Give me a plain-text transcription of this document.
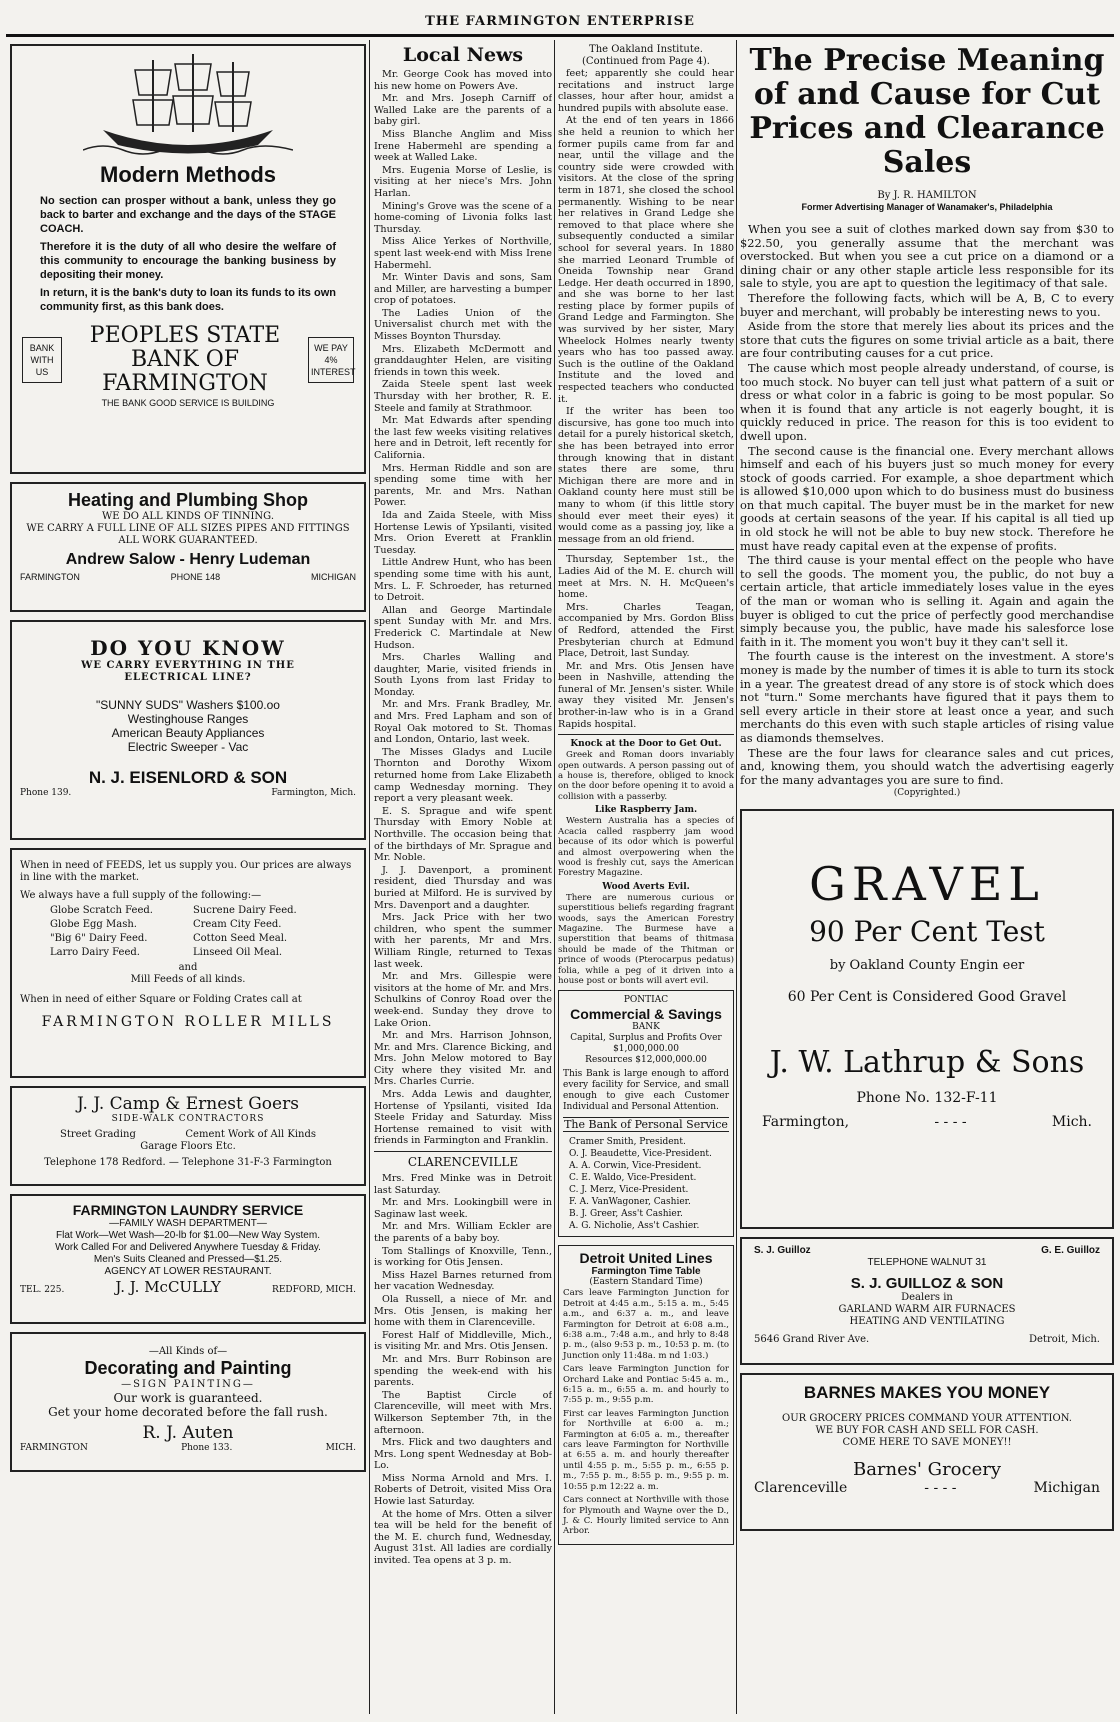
THE FARMINGTON ENTERPRISE
Modern Methods
No section can prosper without a bank, unless they go back to barter and exchange and the days of the STAGE COACH.
Therefore it is the duty of all who desire the welfare of this community to encourage the banking business by depositing their money.
In return, it is the bank's duty to loan its funds to its own community first, as this bank does.
BANK WITH US
PEOPLES STATE
BANK OF
FARMINGTON
WE PAY 4% INTEREST
THE BANK GOOD SERVICE IS BUILDING
Heating and Plumbing Shop
WE DO ALL KINDS OF TINNING.
WE CARRY A FULL LINE OF ALL SIZES PIPES AND FITTINGS
ALL WORK GUARANTEED.
Andrew Salow - Henry Ludeman
FARMINGTON	PHONE 148	MICHIGAN
DO YOU KNOW
WE CARRY EVERYTHING IN THE ELECTRICAL LINE?
"SUNNY SUDS" Washers $100.oo
Westinghouse Ranges
American Beauty Appliances
Electric Sweeper - Vac
N. J. EISENLORD & SON
Phone 139.	Farmington, Mich.
When in need of FEEDS, let us supply you. Our prices are always in line with the market.
We always have a full supply of the following:—
Globe Scratch Feed.	Sucrene Dairy Feed.
Globe Egg Mash.	Cream City Feed.
"Big 6" Dairy Feed.	Cotton Seed Meal.
Larro Dairy Feed.	Linseed Oil Meal.
and
Mill Feeds of all kinds.
When in need of either Square or Folding Crates call at
FARMINGTON ROLLER MILLS
J. J. Camp & Ernest Goers
SIDE-WALK CONTRACTORS
Street Grading	Cement Work of All Kinds
Garage Floors Etc.
Telephone 178 Redford. — Telephone 31-F-3 Farmington
FARMINGTON LAUNDRY SERVICE
—FAMILY WASH DEPARTMENT—
Flat Work—Wet Wash—20-lb for $1.00—New Way System.
Work Called For and Delivered Anywhere Tuesday & Friday.
Men's Suits Cleaned and Pressed—$1.25.
AGENCY AT LOWER RESTAURANT.
TEL. 225.	J. J. McCULLY	REDFORD, MICH.
—All Kinds of—
Decorating and Painting
—SIGN PAINTING—
Our work is guaranteed.
Get your home decorated before the fall rush.
R. J. Auten
FARMINGTON	Phone 133.	MICH.
Local News
Mr. George Cook has moved into his new home on Powers Ave.
Mr. and Mrs. Joseph Carniff of Walled Lake are the parents of a baby girl.
Miss Blanche Anglim and Miss Irene Habermehl are spending a week at Walled Lake.
Mrs. Eugenia Morse of Leslie, is visiting at her niece's Mrs. John Harlan.
Mining's Grove was the scene of a home-coming of Livonia folks last Thursday.
Miss Alice Yerkes of Northville, spent last week-end with Miss Irene Habermehl.
Mr. Winter Davis and sons, Sam and Miller, are harvesting a bumper crop of potatoes.
The Ladies Union of the Universalist church met with the Misses Boynton Thursday.
Mrs. Elizabeth McDermott and granddaughter Helen, are visiting friends in town this week.
Zaida Steele spent last week Thursday with her brother, R. E. Steele and family at Strathmoor.
Mr. Mat Edwards after spending the last few weeks visiting relatives here and in Detroit, left recently for California.
Mrs. Herman Riddle and son are spending some time with her parents, Mr. and Mrs. Nathan Power.
Ida and Zaida Steele, with Miss Hortense Lewis of Ypsilanti, visited Mrs. Orion Everett at Franklin Tuesday.
Little Andrew Hunt, who has been spending some time with his aunt, Mrs. L. F. Schroeder, has returned to Detroit.
Allan and George Martindale spent Sunday with Mr. and Mrs. Frederick C. Martindale at New Hudson.
Mrs. Charles Walling and daughter, Marie, visited friends in South Lyons from last Friday to Monday.
Mr. and Mrs. Frank Bradley, Mr. and Mrs. Fred Lapham and son of Royal Oak motored to St. Thomas and London, Ontario, last week.
The Misses Gladys and Lucile Thornton and Dorothy Wixom returned home from Lake Elizabeth camp Wednesday morning. They report a very pleasant week.
E. S. Sprague and wife spent Thursday with Emory Noble at Northville. The occasion being that of the birthdays of Mr. Sprague and Mr. Noble.
J. J. Davenport, a prominent resident, died Thursday and was buried at Milford. He is survived by Mrs. Davenport and a daughter.
Mrs. Jack Price with her two children, who spent the summer with her parents, Mr and Mrs. William Ringle, returned to Texas last week.
Mr. and Mrs. Gillespie were visitors at the home of Mr. and Mrs. Schulkins of Conroy Road over the week-end. Sunday they drove to Lake Orion.
Mr. and Mrs. Harrison Johnson, Mr. and Mrs. Clarence Bicking, and Mrs. John Melow motored to Bay City where they visited Mr. and Mrs. Charles Currie.
Mrs. Adda Lewis and daughter, Hortense of Ypsilanti, visited Ida Steele Friday and Saturday. Miss Hortense remained to visit with friends in Farmington and Franklin.
CLARENCEVILLE
Mrs. Fred Minke was in Detroit last Saturday.
Mr. and Mrs. Lookingbill were in Saginaw last week.
Mr. and Mrs. William Eckler are the parents of a baby boy.
Tom Stallings of Knoxville, Tenn., is working for Otis Jensen.
Miss Hazel Barnes returned from her vacation Wednesday.
Ola Russell, a niece of Mr. and Mrs. Otis Jensen, is making her home with them in Clarenceville.
Forest Half of Middleville, Mich., is visiting Mr. and Mrs. Otis Jensen.
Mr. and Mrs. Burr Robinson are spending the week-end with his parents.
The Baptist Circle of Clarenceville, will meet with Mrs. Wilkerson September 7th, in the afternoon.
Mrs. Flick and two daughters and Mrs. Long spent Wednesday at Bob-Lo.
Miss Norma Arnold and Mrs. I. Roberts of Detroit, visited Miss Ora Howie last Saturday.
At the home of Mrs. Otten a silver tea will be held for the benefit of the M. E. church fund, Wednesday, August 31st. All ladies are cordially invited. Tea opens at 3 p. m.
The Oakland Institute.
(Continued from Page 4).
feet; apparently she could hear recitations and instruct large classes, hour after hour, amidst a hundred pupils with absolute ease.
At the end of ten years in 1866 she held a reunion to which her former pupils came from far and near, until the village and the country side were crowded with visitors. At the close of the spring term in 1871, she closed the school permanently. Wishing to be near her relatives in Grand Ledge she removed to that place where she subsequently conducted a similar school for several years. In 1880 she married Leonard Trumble of Oneida Township near Grand Ledge. Her death occurred in 1890, and she was borne to her last resting place by former pupils of Grand Ledge and Farmington. She was survived by her sister, Mary Wheelock Holmes nearly twenty years who has too passed away. Such is the outline of the Oakland Institute and the loved and respected teachers who conducted it.
If the writer has been too discursive, has gone too much into detail for a purely historical sketch, she has been betrayed into error through knowing that in distant states there are some, thru Michigan there are more and in Oakland county here must still be many to whom (if this little story should ever meet their eyes) it would come as a passing joy, like a message from an old friend.
Thursday, September 1st., the Ladies Aid of the M. E. church will meet at Mrs. N. H. McQueen's home.
Mrs. Charles Teagan, accompanied by Mrs. Gordon Bliss of Redford, attended the First Presbyterian church at Edmund Place, Detroit, last Sunday.
Mr. and Mrs. Otis Jensen have been in Nashville, attending the funeral of Mr. Jensen's sister. While away they visited Mr. Jensen's brother-in-law who is in a Grand Rapids hospital.
Knock at the Door to Get Out.
Greek and Roman doors invariably open outwards. A person passing out of a house is, therefore, obliged to knock on the door before opening it to avoid a collision with a passerby.
Like Raspberry Jam.
Western Australia has a species of Acacia called raspberry jam wood because of its odor which is powerful and almost overpowering when the wood is freshly cut, says the American Forestry Magazine.
Wood Averts Evil.
There are numerous curious or superstitious beliefs regarding fragrant woods, says the American Forestry Magazine. The Burmese have a superstition that beams of thitmasa should be made of the Thitman or prince of woods (Pterocarpus pedatus) folia, while a peg of it driven into a house post or bonts will avert evil.
PONTIAC
Commercial & Savings
BANK
Capital, Surplus and Profits Over $1,000,000.00
Resources $12,000,000.00
This Bank is large enough to afford every facility for Service, and small enough to give each Customer Individual and Personal Attention.
The Bank of Personal Service
Cramer Smith, President.
O. J. Beaudette, Vice-President.
A. A. Corwin, Vice-President.
C. E. Waldo, Vice-President.
C. J. Merz, Vice-President.
F. A. VanWagoner, Cashier.
B. J. Greer, Ass't Cashier.
A. G. Nicholie, Ass't Cashier.
Detroit United Lines
Farmington Time Table
(Eastern Standard Time)
Cars leave Farmington Junction for Detroit at 4:45 a.m., 5:15 a. m., 5:45 a.m., and 6:37 a. m., and leave Farmington for Detroit at 6:08 a.m., 6:38 a.m., 7:48 a.m., and hrly to 8:48 p. m., (also 9:53 p. m., 10:53 p. m. (to Junction only 11:48a. m nd 1:03.)
Cars leave Farmington Junction for Orchard Lake and Pontiac 5:45 a. m., 6:15 a. m., 6:55 a. m. and hourly to 7:55 p. m., 9:55 p.m.
First car leaves Farmington Junction for Northville at 6:00 a. m.; Farmington at 6:05 a. m., thereafter cars leave Farmington for Northville at 6:55 a. m. and hourly thereafter until 4:55 p. m., 5:55 p. m., 6:55 p. m., 7:55 p. m., 8:55 p. m., 9:55 p. m. 10:55 p.m 12:22 a. m.
Cars connect at Northville with those for Plymouth and Wayne over the D., J. & C. Hourly limited service to Ann Arbor.
The Precise Meaning of and Cause for Cut Prices and Clearance Sales
By J. R. HAMILTON
Former Advertising Manager of Wanamaker's, Philadelphia
When you see a suit of clothes marked down say from $30 to $22.50, you generally assume that the merchant was overstocked. But when you see a cut price on a diamond or a dining chair or any other staple article less responsible for its sale to style, you are apt to question the legitimacy of that sale.
Therefore the following facts, which will be A, B, C to every buyer and merchant, will probably be interesting news to you.
Aside from the store that merely lies about its prices and the store that cuts the figures on some trivial article as a bait, there are four contributing causes for a cut price.
The cause which most people already understand, of course, is too much stock. No buyer can tell just what pattern of a suit or dress or what color in a fabric is going to be most popular. So when it is found that any article is not eagerly bought, it is quickly reduced in price. The reason for this is too evident to dwell upon.
The second cause is the financial one. Every merchant allows himself and each of his buyers just so much money for every stock of goods carried. For example, a shoe department which is allowed $10,000 upon which to do business must do business on that much capital. The buyer must be in the market for new goods at certain seasons of the year. If his capital is all tied up in old stock he will not be able to buy new stock. Therefore he must have ready capital even at the expense of profits.
The third cause is your mental effect on the people who have to sell the goods. The moment you, the public, do not buy a certain article, that article immediately loses value in the eyes of the man or woman who is selling it. Again and again the buyer is obliged to cut the price of perfectly good merchandise simply because you, the public, have made his salesforce lose faith in it. The moment you won't buy it they can't sell it.
The fourth cause is the interest on the investment. A store's money is made by the number of times it is able to turn its stock in a year. The greatest dread of any store is of stock which does not "turn." Some merchants have figured that it pays them to sell every article in their store at least once a year, and such merchants do this even with such staple articles of rising value as diamonds themselves.
These are the four laws for clearance sales and cut prices, and, knowing them, you should watch the advertising eagerly for the many advantages you are sure to find.
(Copyrighted.)
GRAVEL
90 Per Cent Test
by Oakland County Engin eer
60 Per Cent is Considered Good Gravel
J. W. Lathrup & Sons
Phone No. 132-F-11
Farmington,	- - - -	Mich.
S. J. Guilloz	G. E. Guilloz
TELEPHONE WALNUT 31
S. J. GUILLOZ & SON
Dealers in
GARLAND WARM AIR FURNACES
HEATING AND VENTILATING
5646 Grand River Ave.	Detroit, Mich.
BARNES MAKES YOU MONEY
OUR GROCERY PRICES COMMAND YOUR ATTENTION.
WE BUY FOR CASH AND SELL FOR CASH.
COME HERE TO SAVE MONEY!!
Barnes' Grocery
Clarenceville	- - - -	Michigan
